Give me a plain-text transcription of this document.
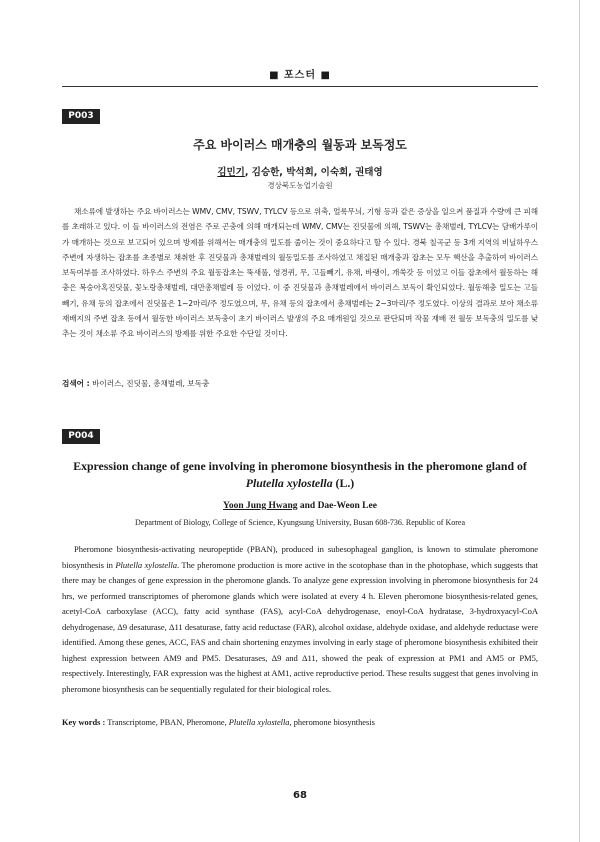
■ 포스터 ■
P003
주요 바이러스 매개충의 월동과 보독정도
김민기, 김승한, 박석희, 이숙희, 권태영
경상북도농업기술원
채소류에 발생하는 주요 바이러스는 WMV, CMV, TSWV, TYLCV 등으로 위축, 얼룩무늬, 기형 등과 같은 증상을 일으켜 품질과 수량에 큰 피해를 초래하고 있다. 이 들 바이러스의 전염은 주로 곤충에 의해 매개되는데 WMV, CMV는 진딧물에 의해, TSWV는 총채벌레, TYLCV는 담배가루이가 매개하는 것으로 보고되어 있으며 방제를 위해서는 매개충의 밀도를 줄이는 것이 중요하다고 할 수 있다. 경북 칠곡군 등 3개 지역의 비닐하우스 주변에 자생하는 잡초를 초종별로 채취한 후 진딧물과 총채벌레의 월동밀도를 조사하였고 채집된 매개충과 잡초는 모두 핵산을 추출하여 바이러스 보독여부를 조사하였다. 하우스 주변의 주요 월동잡초는 뚝새풀, 영경퀴, 무, 고들빼기, 유채, 바랭이, 개쑥갓 등 이었고 이들 잡초에서 월동하는 해충은 복숭아혹진딧물, 꽃노랑총채벌레, 대만총채벌레 등 이었다. 이 중 진딧물과 총채벌레에서 바이러스 보독이 확인되었다. 월동해충 밀도는 고들빼기, 유채 등의 잡초에서 진딧물은 1~2마리/주 정도였으며, 무, 유채 등의 잡초에서 총채벌레는 2~3마리/주 정도였다. 이상의 결과로 보아 채소류 재배지의 주변 잡초 등에서 월동한 바이러스 보독충이 초기 바이러스 발생의 주요 매개원일 것으로 판단되며 작물 재배 전 월동 보독충의 밀도를 낮추는 것이 채소류 주요 바이러스의 방제를 위한 주요한 수단일 것이다.
검색어 : 바이러스, 진딧물, 총채벌레, 보독충
P004
Expression change of gene involving in pheromone biosynthesis in the pheromone gland of
Plutella xylostella (L.)
Yoon Jung Hwang and Dae-Weon Lee
Department of Biology, College of Science, Kyungsung University, Busan 608-736. Republic of Korea
Pheromone biosynthesis-activating neuropeptide (PBAN), produced in subesophageal ganglion, is known to stimulate pheromone biosynthesis in Plutella xylostella. The pheromone production is more active in the scotophase than in the photophase, which suggests that there may be changes of gene expression in the pheromone glands. To analyze gene expression involving in pheromone biosynthesis for 24 hrs, we performed transcriptomes of pheromone glands which were isolated at every 4 h. Eleven pheromone biosynthesis-related genes, acetyl-CoA carboxylase (ACC), fatty acid synthase (FAS), acyl-CoA dehydrogenase, enoyl-CoA hydratase, 3-hydroxyacyl-CoA dehydrogenase, Δ9 desaturase, Δ11 desaturase, fatty acid reductase (FAR), alcohol oxidase, aldehyde oxidase, and aldehyde reductase were identified. Among these genes, ACC, FAS and chain shortening enzymes involving in early stage of pheromone biosynthesis exhibited their highest expression between AM9 and PM5. Desaturases, Δ9 and Δ11, showed the peak of expression at PM1 and AM5 or PM5, respectively. Interestingly, FAR expression was the highest at AM1, active reproductive period. These results suggest that genes involving in pheromone biosynthesis can be sequentially regulated for their biological roles.
Key words : Transcriptome, PBAN, Pheromone, Plutella xylostella, pheromone biosynthesis
68
